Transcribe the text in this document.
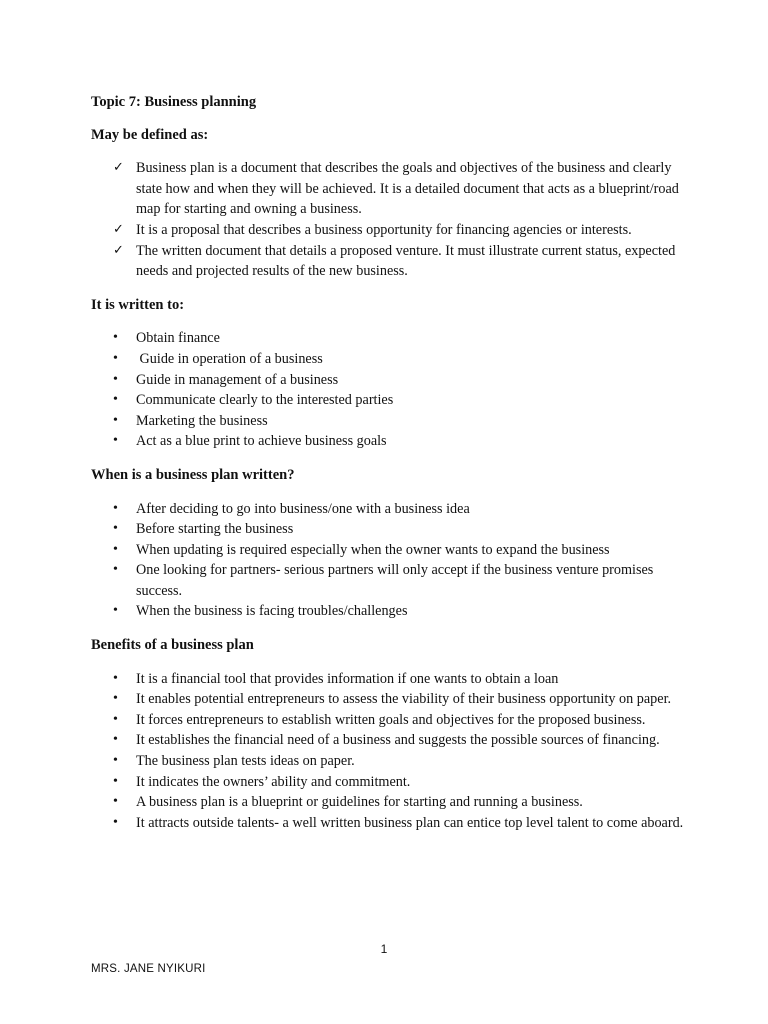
Topic 7: Business planning
May be defined as:
✓ Business plan is a document that describes the goals and objectives of the business and clearly state how and when they will be achieved. It is a detailed document that acts as a blueprint/road map for starting and owning a business.
✓ It is a proposal that describes a business opportunity for financing agencies or interests.
✓ The written document that details a proposed venture. It must illustrate current status, expected needs and projected results of the new business.
It is written to:
•	Obtain finance
•	Guide in operation of a business
•	Guide in management of a business
•	Communicate clearly to the interested parties
•	Marketing the business
•	Act as a blue print to achieve business goals
When is a business plan written?
•	After deciding to go into business/one with a business idea
•	Before starting the business
•	When updating is required especially when the owner wants to expand the business
•	One looking for partners- serious partners will only accept if the business venture promises success.
•	When the business is facing troubles/challenges
Benefits of a business plan
•	It is a financial tool that provides information if one wants to obtain a loan
•	It enables potential entrepreneurs to assess the viability of their business opportunity on paper.
•	It forces entrepreneurs to establish written goals and objectives for the proposed business.
•	It establishes the financial need of a business and suggests the possible sources of financing.
•	The business plan tests ideas on paper.
•	It indicates the owners’ ability and commitment.
•	A business plan is a blueprint or guidelines for starting and running a business.
•	It attracts outside talents- a well written business plan can entice top level talent to come aboard.
1
MRS. JANE NYIKURI
